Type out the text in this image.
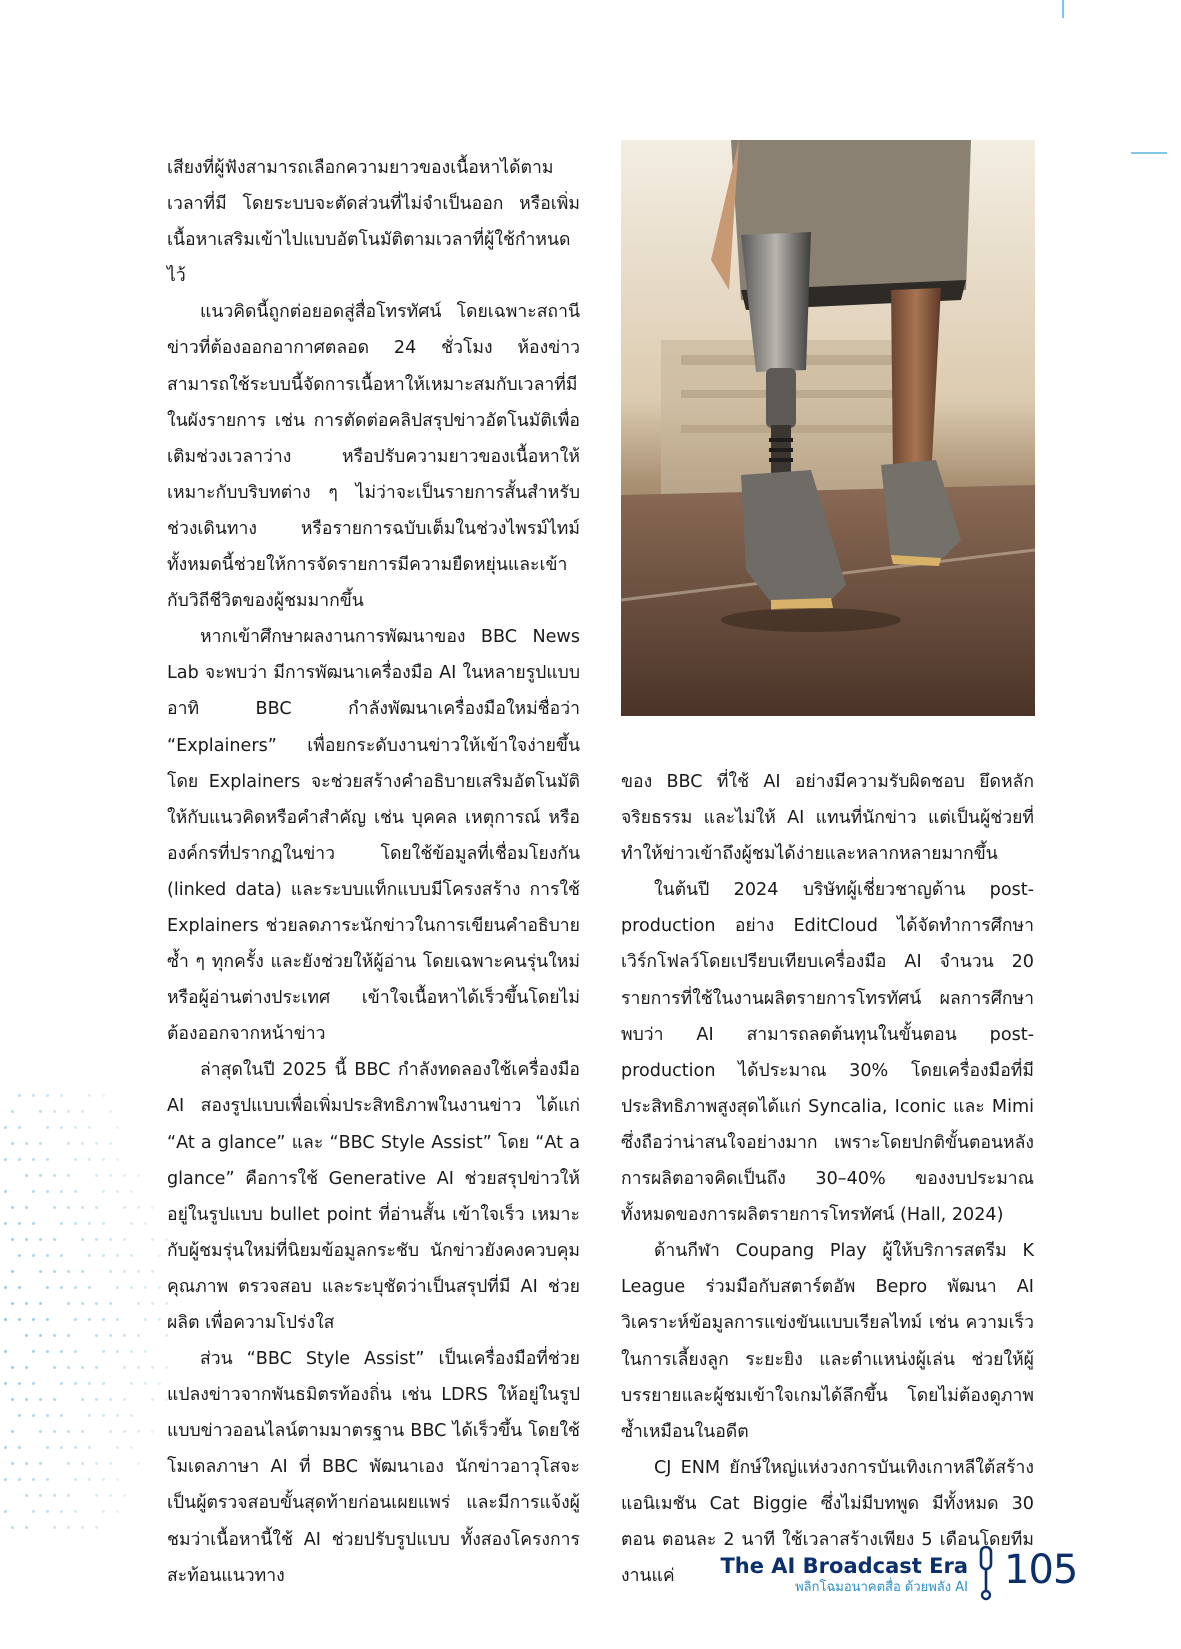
เสียงที่ผู้ฟังสามารถเลือกความยาวของเนื้อหาได้ตามเวลาที่มี โดยระบบจะตัดส่วนที่ไม่จำเป็นออก หรือเพิ่มเนื้อหาเสริมเข้าไปแบบอัตโนมัติตามเวลาที่ผู้ใช้กำหนดไว้

แนวคิดนี้ถูกต่อยอดสู่สื่อโทรทัศน์ โดยเฉพาะสถานีข่าวที่ต้องออกอากาศตลอด 24 ชั่วโมง ห้องข่าวสามารถใช้ระบบนี้จัดการเนื้อหาให้เหมาะสมกับเวลาที่มีในผังรายการ เช่น การตัดต่อคลิปสรุปข่าวอัตโนมัติเพื่อเติมช่วงเวลาว่าง หรือปรับความยาวของเนื้อหาให้เหมาะกับบริบทต่าง ๆ ไม่ว่าจะเป็นรายการสั้นสำหรับช่วงเดินทาง หรือรายการฉบับเต็มในช่วงไพรม์ไทม์ ทั้งหมดนี้ช่วยให้การจัดรายการมีความยืดหยุ่นและเข้ากับวิถีชีวิตของผู้ชมมากขึ้น

หากเข้าศึกษาผลงานการพัฒนาของ BBC News Lab จะพบว่า มีการพัฒนาเครื่องมือ AI ในหลายรูปแบบ อาทิ BBC กำลังพัฒนาเครื่องมือใหม่ชื่อว่า “Explainers” เพื่อยกระดับงานข่าวให้เข้าใจง่ายขึ้น โดย Explainers จะช่วยสร้างคำอธิบายเสริมอัตโนมัติให้กับแนวคิดหรือคำสำคัญ เช่น บุคคล เหตุการณ์ หรือองค์กรที่ปรากฏในข่าว โดยใช้ข้อมูลที่เชื่อมโยงกัน (linked data) และระบบแท็กแบบมีโครงสร้าง การใช้ Explainers ช่วยลดภาระนักข่าวในการเขียนคำอธิบายซ้ำ ๆ ทุกครั้ง และยังช่วยให้ผู้อ่าน โดยเฉพาะคนรุ่นใหม่หรือผู้อ่านต่างประเทศ เข้าใจเนื้อหาได้เร็วขึ้นโดยไม่ต้องออกจากหน้าข่าว

ล่าสุดในปี 2025 นี้ BBC กำลังทดลองใช้เครื่องมือ AI สองรูปแบบเพื่อเพิ่มประสิทธิภาพในงานข่าว ได้แก่ “At a glance” และ “BBC Style Assist” โดย “At a glance” คือการใช้ Generative AI ช่วยสรุปข่าวให้อยู่ในรูปแบบ bullet point ที่อ่านสั้น เข้าใจเร็ว เหมาะกับผู้ชมรุ่นใหม่ที่นิยมข้อมูลกระชับ นักข่าวยังคงควบคุมคุณภาพ ตรวจสอบ และระบุชัดว่าเป็นสรุปที่มี AI ช่วยผลิต เพื่อความโปร่งใส

ส่วน “BBC Style Assist” เป็นเครื่องมือที่ช่วยแปลงข่าวจากพันธมิตรท้องถิ่น เช่น LDRS ให้อยู่ในรูปแบบข่าวออนไลน์ตามมาตรฐาน BBC ได้เร็วขึ้น โดยใช้โมเดลภาษา AI ที่ BBC พัฒนาเอง นักข่าวอาวุโสจะเป็นผู้ตรวจสอบขั้นสุดท้ายก่อนเผยแพร่ และมีการแจ้งผู้ชมว่าเนื้อหานี้ใช้ AI ช่วยปรับรูปแบบ ทั้งสองโครงการสะท้อนแนวทาง

ของ BBC ที่ใช้ AI อย่างมีความรับผิดชอบ ยึดหลักจริยธรรม และไม่ให้ AI แทนที่นักข่าว แต่เป็นผู้ช่วยที่ทำให้ข่าวเข้าถึงผู้ชมได้ง่ายและหลากหลายมากขึ้น

ในต้นปี 2024 บริษัทผู้เชี่ยวชาญด้าน post-production อย่าง EditCloud ได้จัดทำการศึกษาเวิร์กโฟลว์โดยเปรียบเทียบเครื่องมือ AI จำนวน 20 รายการที่ใช้ในงานผลิตรายการโทรทัศน์ ผลการศึกษา พบว่า AI สามารถลดต้นทุนในขั้นตอน post-production ได้ประมาณ 30% โดยเครื่องมือที่มีประสิทธิภาพสูงสุดได้แก่ Syncalia, Iconic และ Mimi ซึ่งถือว่าน่าสนใจอย่างมาก เพราะโดยปกติขั้นตอนหลังการผลิตอาจคิดเป็นถึง 30–40% ของงบประมาณทั้งหมดของการผลิตรายการโทรทัศน์ (Hall, 2024)

ด้านกีฬา Coupang Play ผู้ให้บริการสตรีม K League ร่วมมือกับสตาร์ตอัพ Bepro พัฒนา AI วิเคราะห์ข้อมูลการแข่งขันแบบเรียลไทม์ เช่น ความเร็วในการเลี้ยงลูก ระยะยิง และตำแหน่งผู้เล่น ช่วยให้ผู้บรรยายและผู้ชมเข้าใจเกมได้ลึกขึ้น โดยไม่ต้องดูภาพซ้ำเหมือนในอดีต

CJ ENM ยักษ์ใหญ่แห่งวงการบันเทิงเกาหลีใต้สร้างแอนิเมชัน Cat Biggie ซึ่งไม่มีบทพูด มีทั้งหมด 30 ตอน ตอนละ 2 นาที ใช้เวลาสร้างเพียง 5 เดือนโดยทีมงานแค่	The AI Broadcast Era
พลิกโฉมอนาคตสื่อ ด้วยพลัง AI 105
